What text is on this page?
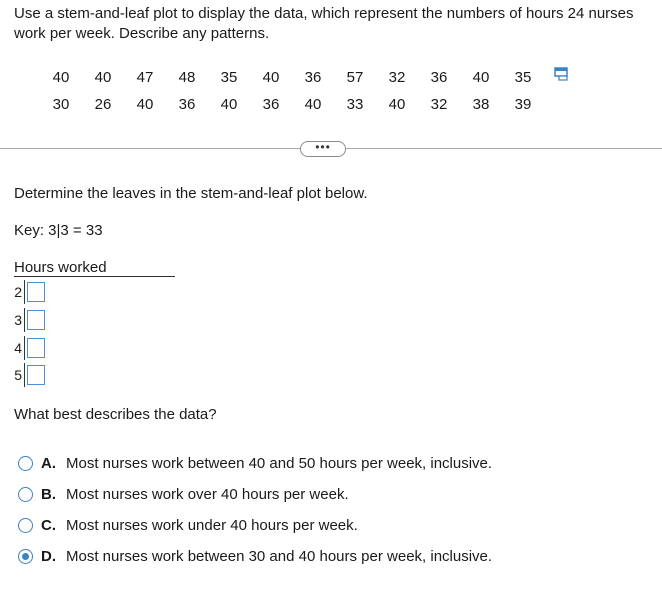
Use a stem-and-leaf plot to display the data, which represent the numbers of hours 24 nurses work per week. Describe any patterns.
40	40	47	48	35	40	36	57	32	36	40	35
30	26	40	36	40	36	40	33	40	32	38	39
•••
Determine the leaves in the stem-and-leaf plot below.
Key: 3|3 = 33
Hours worked
2
3
4
5
What best describes the data?
A. Most nurses work between 40 and 50 hours per week, inclusive.
B. Most nurses work over 40 hours per week.
C. Most nurses work under 40 hours per week.
D. Most nurses work between 30 and 40 hours per week, inclusive.
